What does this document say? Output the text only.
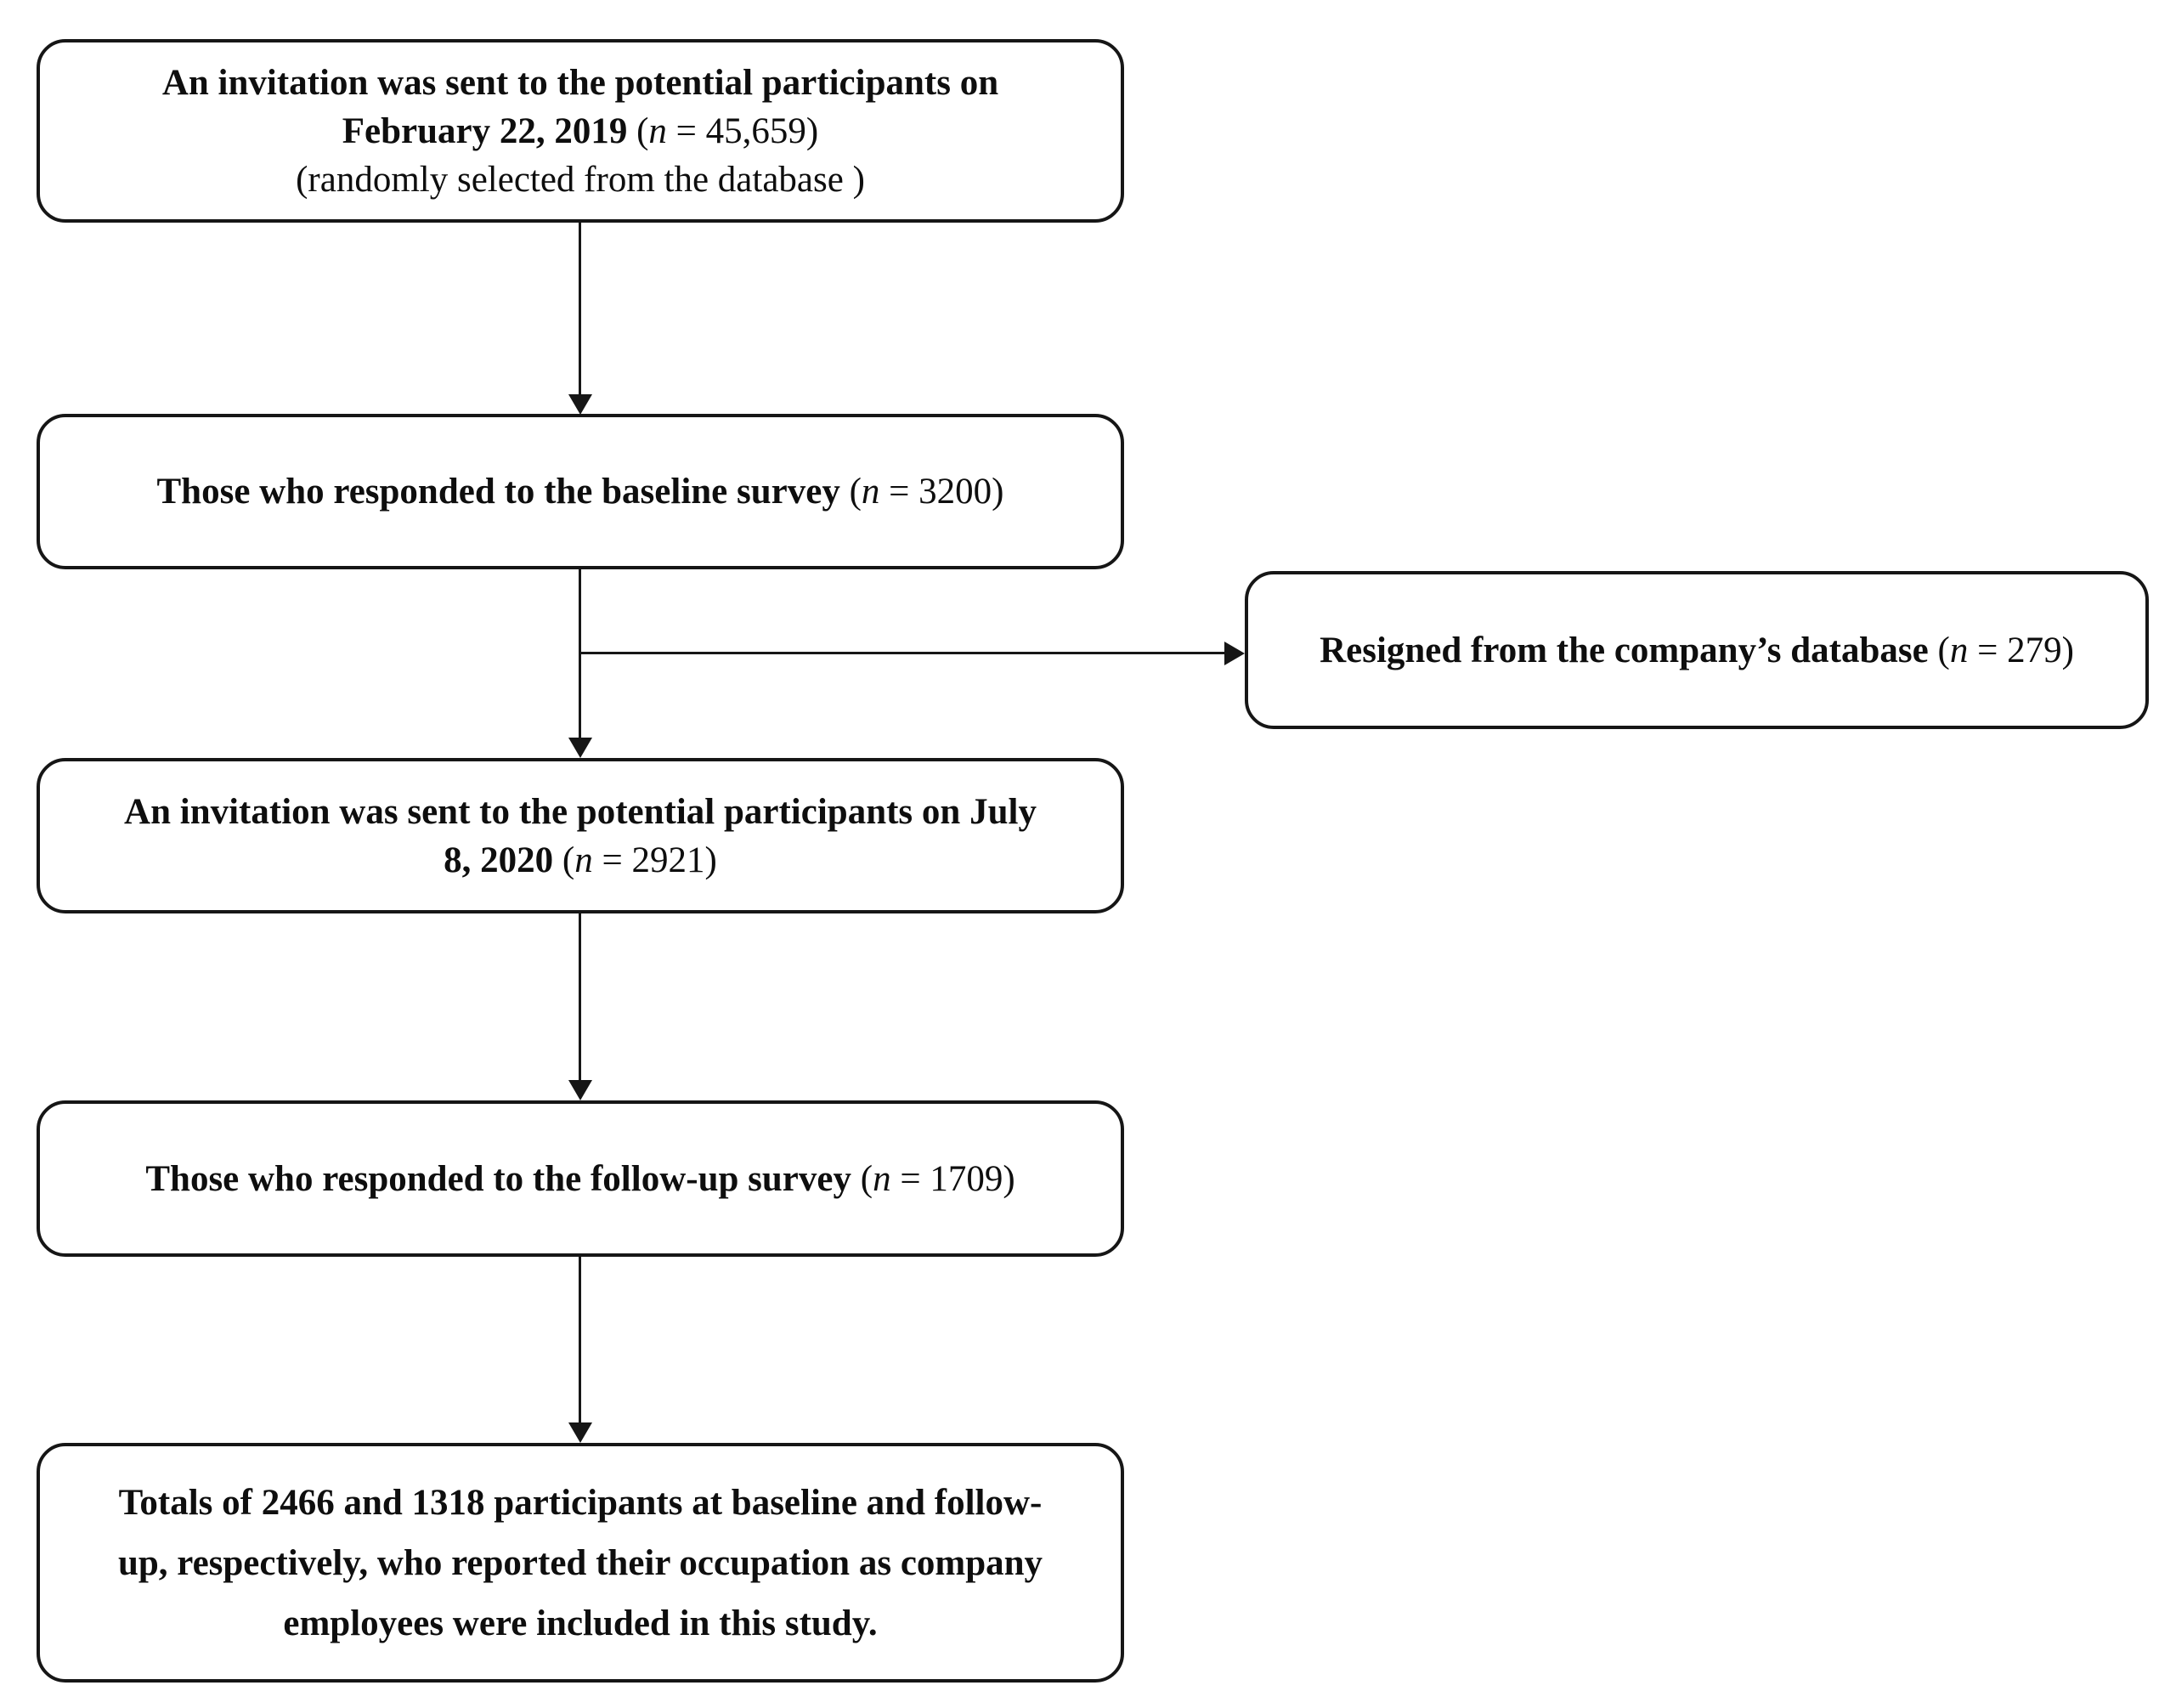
An invitation was sent to the potential participants on
February 22, 2019 (n = 45,659)
(randomly selected from the database )

Those who responded to the baseline survey (n = 3200)

Resigned from the company’s database (n = 279)

An invitation was sent to the potential participants on July
8, 2020 (n = 2921)

Those who responded to the follow-up survey (n = 1709)

Totals of 2466 and 1318 participants at baseline and follow-
up, respectively, who reported their occupation as company
employees were included in this study.
